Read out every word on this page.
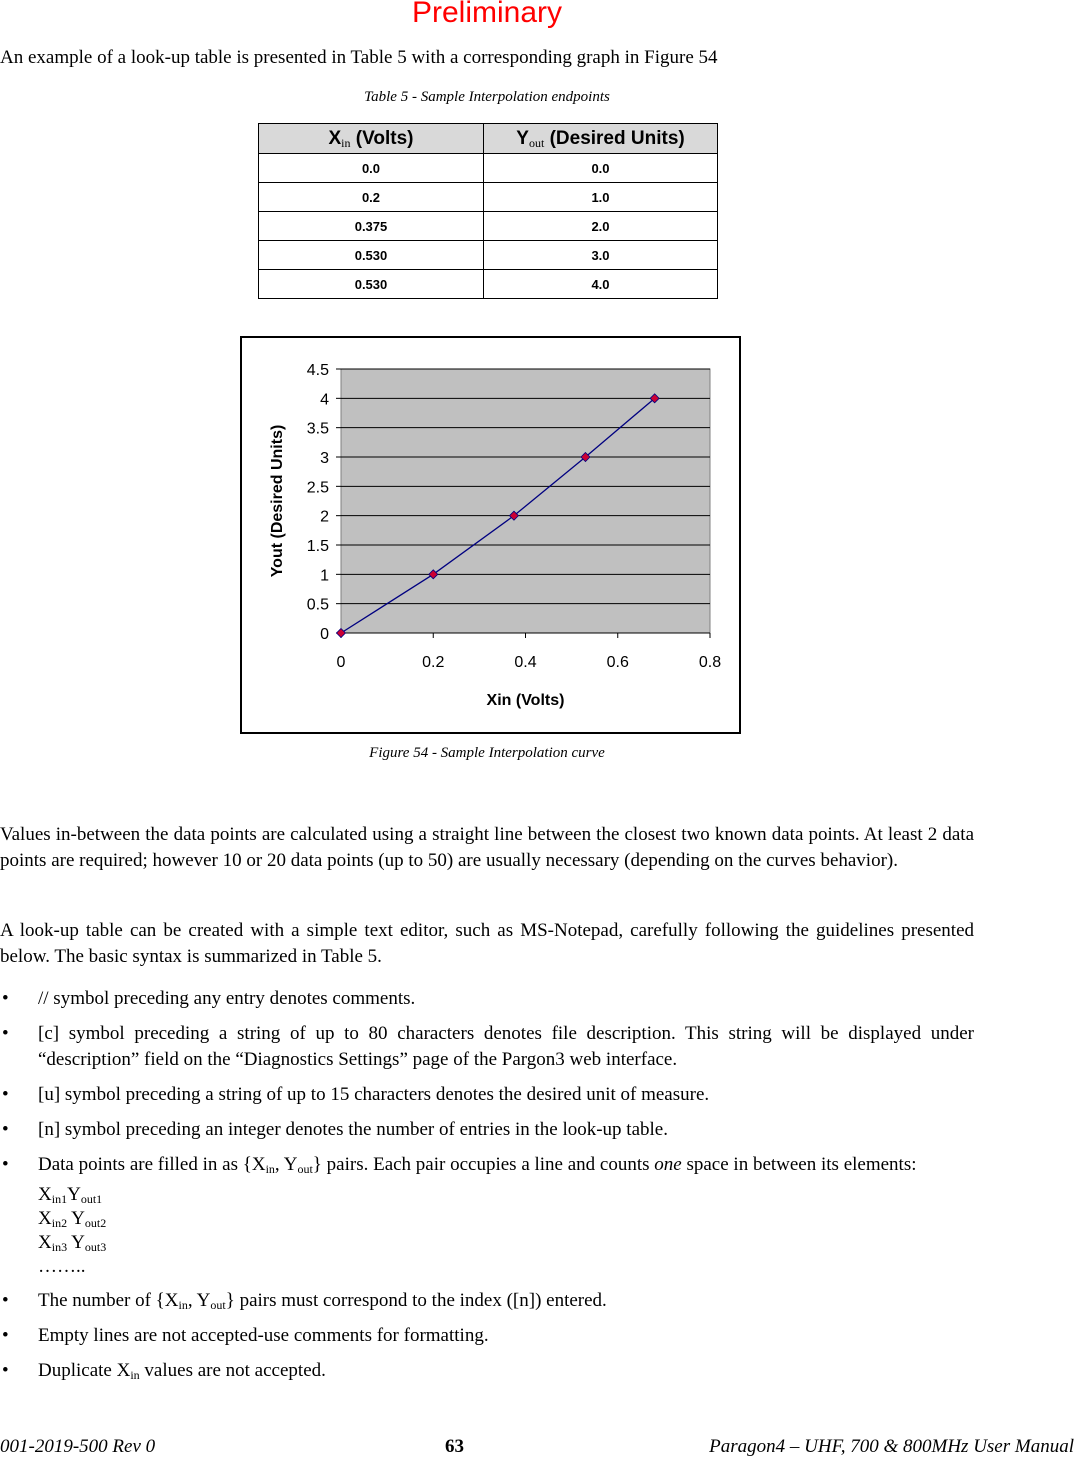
Preliminary
An example of a look-up table is presented in Table 5 with a corresponding graph in Figure 54
Table 5 - Sample Interpolation endpoints
$X_{in}$ (Volts)	$Y_{out}$ (Desired Units)
0.0	0.0
0.2	1.0
0.375	2.0
0.530	3.0
0.530	4.0
0
0.5
1
1.5
2
2.5
3
3.5
4
4.5
0	0.2	0.4	0.6	0.8
Xin (Volts)
Yout (Desired Units)
Figure 54 - Sample Interpolation curve
Values in-between the data points are calculated using a straight line between the closest two known data points. At least 2 data points are required; however 10 or 20 data points (up to 50) are usually necessary (depending on the curves behavior).
A look-up table can be created with a simple text editor, such as MS-Notepad, carefully following the guidelines presented below. The basic syntax is summarized in Table 5.
• // symbol preceding any entry denotes comments.
• [c] symbol preceding a string of up to 80 characters denotes file description. This string will be displayed under “description” field on the “Diagnostics Settings” page of the Pargon3 web interface.
• [u] symbol preceding a string of up to 15 characters denotes the desired unit of measure.
• [n] symbol preceding an integer denotes the number of entries in the look-up table.
• Data points are filled in as {$X_{in}$, $Y_{out}$} pairs. Each pair occupies a line and counts one space in between its elements:
$X_{in1}Y_{out1}$
$X_{in2}$ $Y_{out2}$
$X_{in3}$ $Y_{out3}$
……..
• The number of {$X_{in}$, $Y_{out}$} pairs must correspond to the index ([n]) entered.
• Empty lines are not accepted-use comments for formatting.
• Duplicate $X_{in}$ values are not accepted.
001-2019-500 Rev 0	63	Paragon4 – UHF, 700 & 800MHz User Manual
